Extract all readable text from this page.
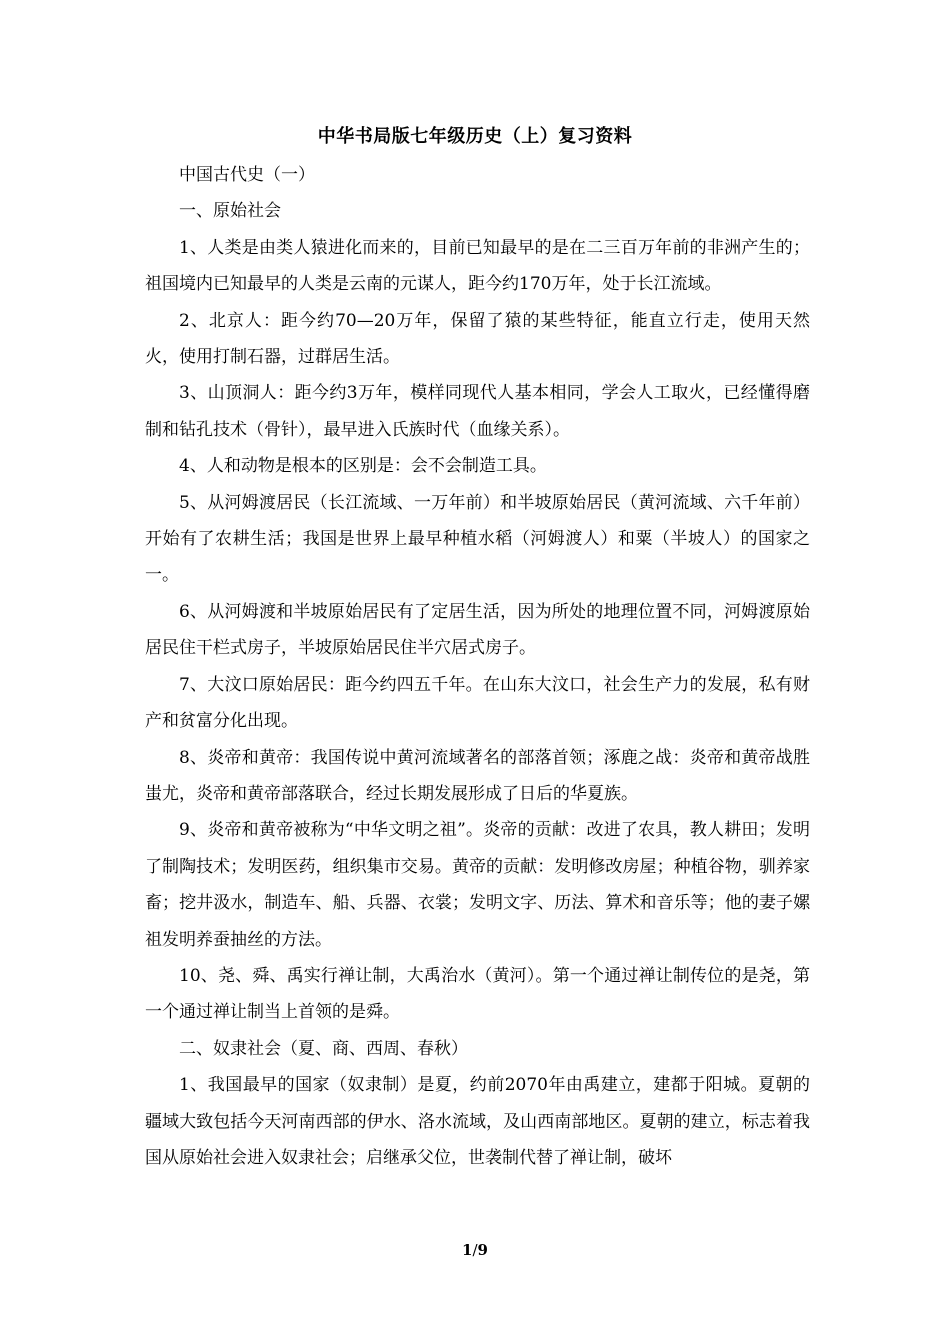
中华书局版七年级历史（上）复习资料

中国古代史（一）

一、原始社会

1、人类是由类人猿进化而来的，目前已知最早的是在二三百万年前的非洲产生的；祖国境内已知最早的人类是云南的元谋人，距今约170万年，处于长江流域。

2、北京人：距今约70—20万年，保留了猿的某些特征，能直立行走，使用天然火，使用打制石器，过群居生活。

3、山顶洞人：距今约3万年，模样同现代人基本相同，学会人工取火，已经懂得磨制和钻孔技术（骨针），最早进入氏族时代（血缘关系）。

4、人和动物是根本的区别是：会不会制造工具。

5、从河姆渡居民（长江流域、一万年前）和半坡原始居民（黄河流域、六千年前）开始有了农耕生活；我国是世界上最早种植水稻（河姆渡人）和粟（半坡人）的国家之一。

6、从河姆渡和半坡原始居民有了定居生活，因为所处的地理位置不同，河姆渡原始居民住干栏式房子，半坡原始居民住半穴居式房子。

7、大汶口原始居民：距今约四五千年。在山东大汶口，社会生产力的发展，私有财产和贫富分化出现。

8、炎帝和黄帝：我国传说中黄河流域著名的部落首领；涿鹿之战：炎帝和黄帝战胜蚩尤，炎帝和黄帝部落联合，经过长期发展形成了日后的华夏族。

9、炎帝和黄帝被称为“中华文明之祖”。炎帝的贡献：改进了农具，教人耕田；发明了制陶技术；发明医药，组织集市交易。黄帝的贡献：发明修改房屋；种植谷物，驯养家畜；挖井汲水，制造车、船、兵器、衣裳；发明文字、历法、算术和音乐等；他的妻子嫘祖发明养蚕抽丝的方法。

10、尧、舜、禹实行禅让制，大禹治水（黄河）。第一个通过禅让制传位的是尧，第一个通过禅让制当上首领的是舜。

二、奴隶社会（夏、商、西周、春秋）

1、我国最早的国家（奴隶制）是夏，约前2070年由禹建立，建都于阳城。夏朝的疆域大致包括今天河南西部的伊水、洛水流域，及山西南部地区。夏朝的建立，标志着我国从原始社会进入奴隶社会；启继承父位，世袭制代替了禅让制，破坏

1/9
